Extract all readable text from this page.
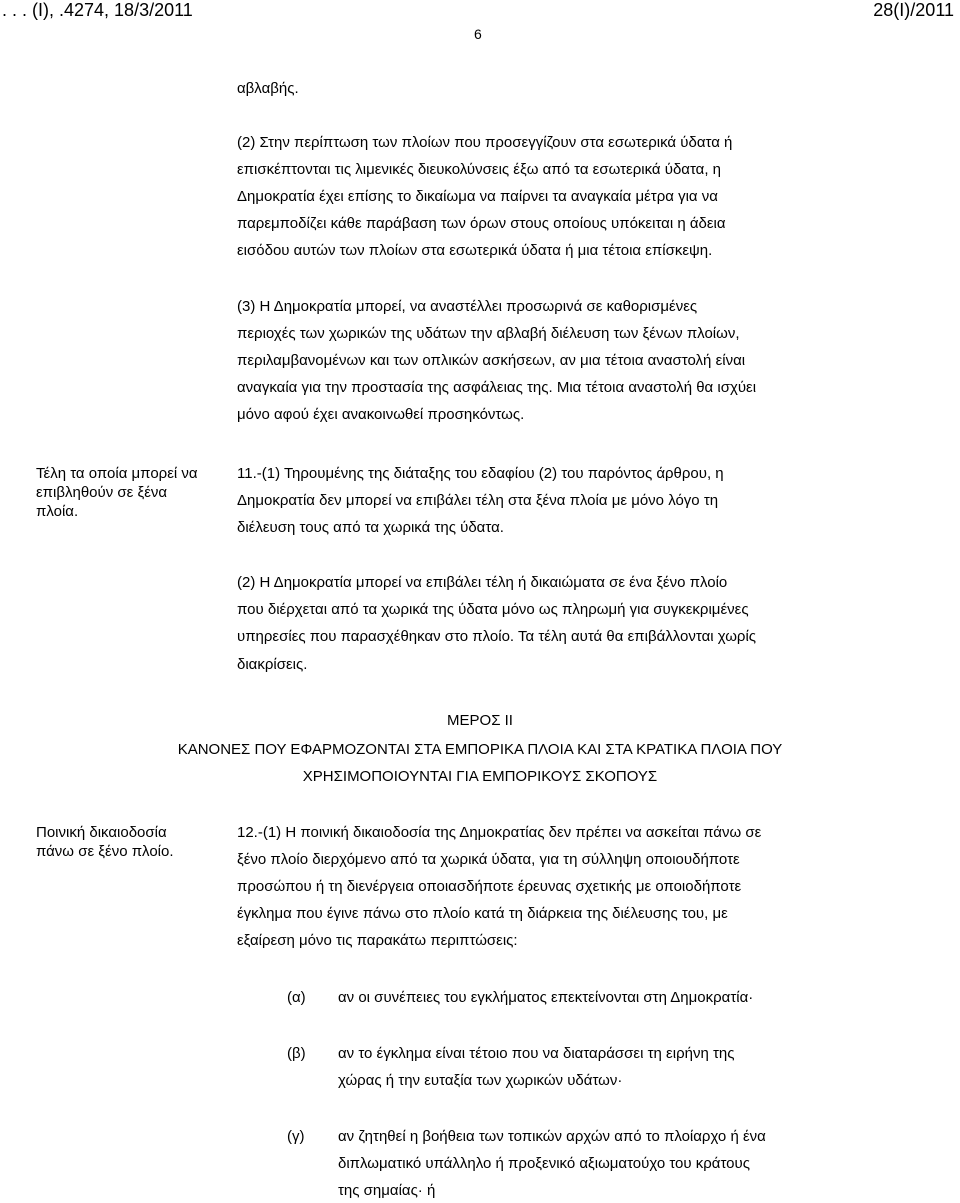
. . . (Ι), .4274, 18/3/2011	28(I)/2011
6
αβλαβής.
(2) Στην περίπτωση των πλοίων που προσεγγίζουν στα εσωτερικά ύδατα ή
επισκέπτονται τις λιμενικές διευκολύνσεις έξω από τα εσωτερικά ύδατα, η
Δημοκρατία έχει επίσης το δικαίωμα να παίρνει τα αναγκαία μέτρα για να
παρεμποδίζει κάθε παράβαση των όρων στους οποίους υπόκειται η άδεια
εισόδου αυτών των πλοίων στα εσωτερικά ύδατα ή μια τέτοια επίσκεψη.
(3) Η Δημοκρατία μπορεί, να αναστέλλει προσωρινά σε καθορισμένες
περιοχές των χωρικών της υδάτων την αβλαβή διέλευση των ξένων πλοίων,
περιλαμβανομένων και των οπλικών ασκήσεων, αν μια τέτοια αναστολή είναι
αναγκαία για την προστασία της ασφάλειας της. Μια τέτοια αναστολή θα ισχύει
μόνο αφού έχει ανακοινωθεί προσηκόντως.
Τέλη τα οποία μπορεί να
επιβληθούν σε ξένα
πλοία.
11.-(1) Τηρουμένης της διάταξης του εδαφίου (2) του παρόντος άρθρου, η
Δημοκρατία δεν μπορεί να επιβάλει τέλη στα ξένα πλοία με μόνο λόγο τη
διέλευση τους από τα χωρικά της ύδατα.
(2) Η Δημοκρατία μπορεί να επιβάλει τέλη ή δικαιώματα σε ένα ξένο πλοίο
που διέρχεται από τα χωρικά της ύδατα μόνο ως πληρωμή για συγκεκριμένες
υπηρεσίες που παρασχέθηκαν στο πλοίο. Τα τέλη αυτά θα επιβάλλονται χωρίς
διακρίσεις.
ΜΕΡΟΣ ΙΙ
ΚΑΝΟΝΕΣ ΠΟΥ ΕΦΑΡΜΟΖΟΝΤΑΙ ΣΤΑ ΕΜΠΟΡΙΚΑ ΠΛΟΙΑ ΚΑΙ ΣΤΑ ΚΡΑΤΙΚΑ ΠΛΟΙΑ ΠΟΥ
ΧΡΗΣΙΜΟΠΟΙΟΥΝΤΑΙ ΓΙΑ ΕΜΠΟΡΙΚΟΥΣ ΣΚΟΠΟΥΣ
Ποινική δικαιοδοσία
πάνω σε ξένο πλοίο.
12.-(1) Η ποινική δικαιοδοσία της Δημοκρατίας δεν πρέπει να ασκείται πάνω σε
ξένο πλοίο διερχόμενο από τα χωρικά ύδατα, για τη σύλληψη οποιουδήποτε
προσώπου ή τη διενέργεια οποιασδήποτε έρευνας σχετικής με οποιοδήποτε
έγκλημα που έγινε πάνω στο πλοίο κατά τη διάρκεια της διέλευσης του, με
εξαίρεση μόνο τις παρακάτω περιπτώσεις:
(α) αν οι συνέπειες του εγκλήματος επεκτείνονται στη Δημοκρατία·
(β) αν το έγκλημα είναι τέτοιο που να διαταράσσει τη ειρήνη της
χώρας ή την ευταξία των χωρικών υδάτων·
(γ) αν ζητηθεί η βοήθεια των τοπικών αρχών από το πλοίαρχο ή ένα
διπλωματικό υπάλληλο ή προξενικό αξιωματούχο του κράτους
της σημαίας· ή
